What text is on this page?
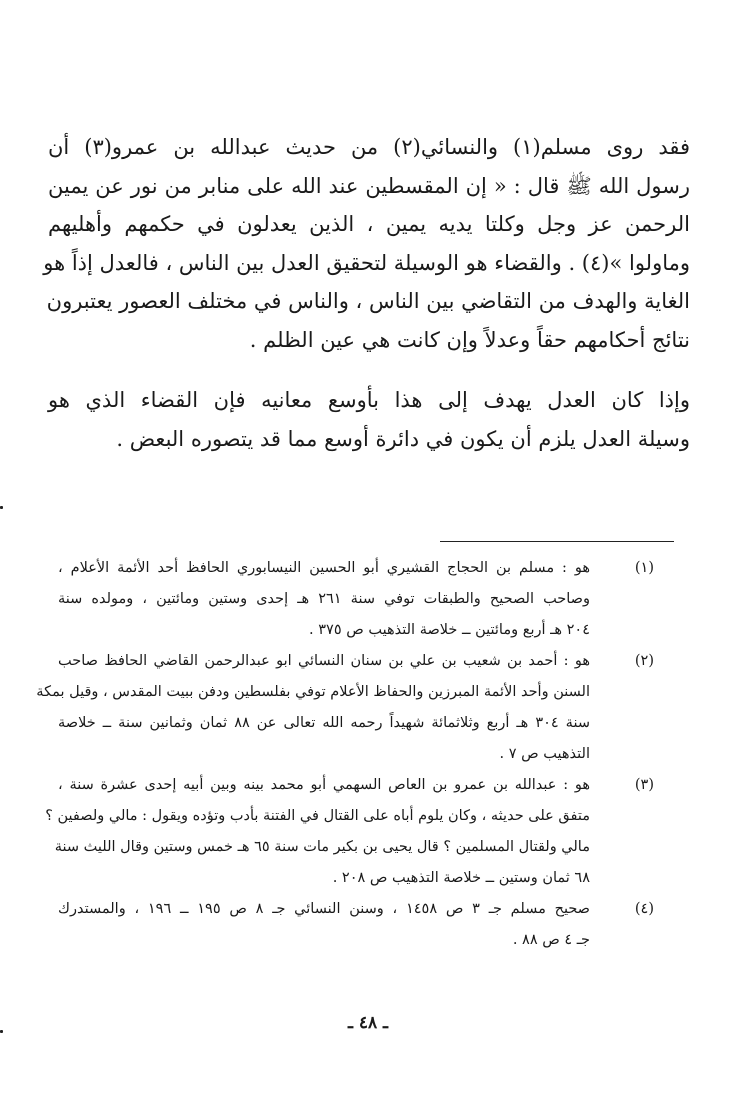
فقد روى مسلم(١) والنسائي(٢) من حديث عبدالله بن عمرو(٣) أن
رسول الله ﷺ قال : « إن المقسطين عند الله على منابر من نور عن يمين
الرحمن عز وجل وكلتا يديه يمين ، الذين يعدلون في حكمهم وأهليهم
وماولوا »(٤) . والقضاء هو الوسيلة لتحقيق العدل بين الناس ، فالعدل إذاً هو
الغاية والهدف من التقاضي بين الناس ، والناس في مختلف العصور يعتبرون
نتائج أحكامهم حقاً وعدلاً وإن كانت هي عين الظلم .

وإذا كان العدل يهدف إلى هذا بأوسع معانيه فإن القضاء الذي هو
وسيلة العدل يلزم أن يكون في دائرة أوسع مما قد يتصوره البعض .

(١)
هو : مسلم بن الحجاج القشيري أبو الحسين النيسابوري الحافظ أحد الأئمة الأعلام ،
وصاحب الصحيح والطبقات توفي سنة ٢٦١ هـ إحدى وستين ومائتين ، ومولده سنة
٢٠٤ هـ أربع ومائتين ــ خلاصة التذهيب ص ٣٧٥ .
(٢)
هو : أحمد بن شعيب بن علي بن سنان النسائي ابو عبدالرحمن القاضي الحافظ صاحب
السنن وأحد الأئمة المبرزين والحفاظ الأعلام توفي بفلسطين ودفن ببيت المقدس ، وقيل بمكة
سنة ٣٠٤ هـ أربع وثلاثمائة شهيداً رحمه الله تعالى عن ٨٨ ثمان وثمانين سنة ــ خلاصة
التذهيب ص ٧ .
(٣)
هو : عبدالله بن عمرو بن العاص السهمي أبو محمد بينه وبين أبيه إحدى عشرة سنة ،
متفق على حديثه ، وكان يلوم أباه على القتال في الفتنة بأدب وتؤده ويقول : مالي ولصفين ؟
مالي ولقتال المسلمين ؟ قال يحيى بن بكير مات سنة ٦٥ هـ خمس وستين وقال الليث سنة
٦٨ ثمان وستين ــ خلاصة التذهيب ص ٢٠٨ .
(٤)
صحيح مسلم جـ ٣ ص ١٤٥٨ ، وسنن النسائي جـ ٨ ص ١٩٥ ــ ١٩٦ ، والمستدرك
جـ ٤ ص ٨٨ .
ـ ٤٨ ـ
